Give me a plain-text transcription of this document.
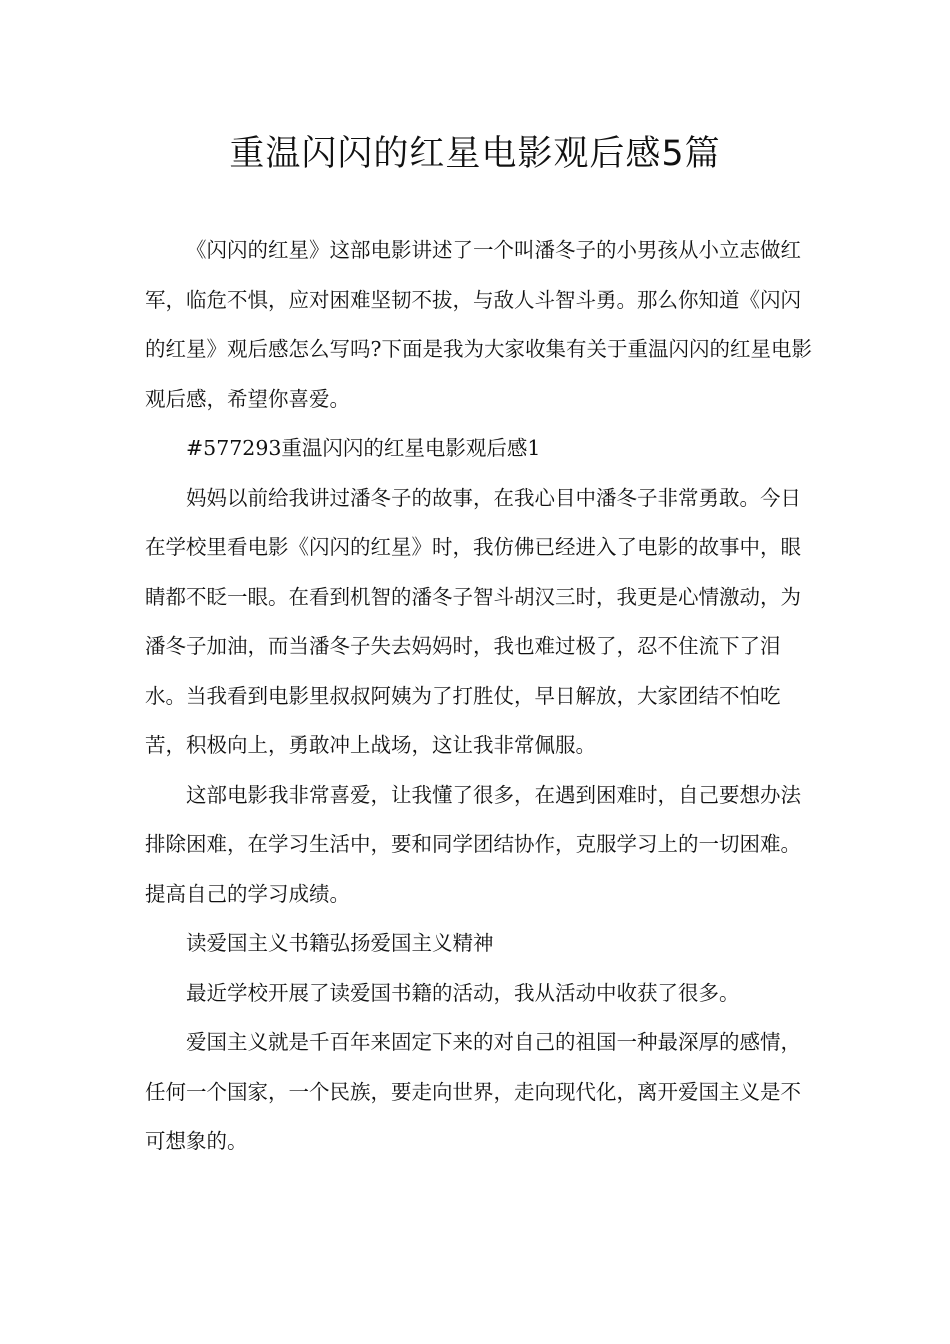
重温闪闪的红星电影观后感5篇

《闪闪的红星》这部电影讲述了一个叫潘冬子的小男孩从小立志做红军，临危不惧，应对困难坚韧不拔，与敌人斗智斗勇。那么你知道《闪闪的红星》观后感怎么写吗?下面是我为大家收集有关于重温闪闪的红星电影观后感，希望你喜爱。

#577293重温闪闪的红星电影观后感1

妈妈以前给我讲过潘冬子的故事，在我心目中潘冬子非常勇敢。今日在学校里看电影《闪闪的红星》时，我仿佛已经进入了电影的故事中，眼睛都不眨一眼。在看到机智的潘冬子智斗胡汉三时，我更是心情激动，为潘冬子加油，而当潘冬子失去妈妈时，我也难过极了，忍不住流下了泪水。当我看到电影里叔叔阿姨为了打胜仗，早日解放，大家团结不怕吃苦，积极向上，勇敢冲上战场，这让我非常佩服。

这部电影我非常喜爱，让我懂了很多，在遇到困难时，自己要想办法排除困难，在学习生活中，要和同学团结协作，克服学习上的一切困难。提高自己的学习成绩。

读爱国主义书籍弘扬爱国主义精神

最近学校开展了读爱国书籍的活动，我从活动中收获了很多。

爱国主义就是千百年来固定下来的对自己的祖国一种最深厚的感情，任何一个国家，一个民族，要走向世界，走向现代化，离开爱国主义是不可想象的。
